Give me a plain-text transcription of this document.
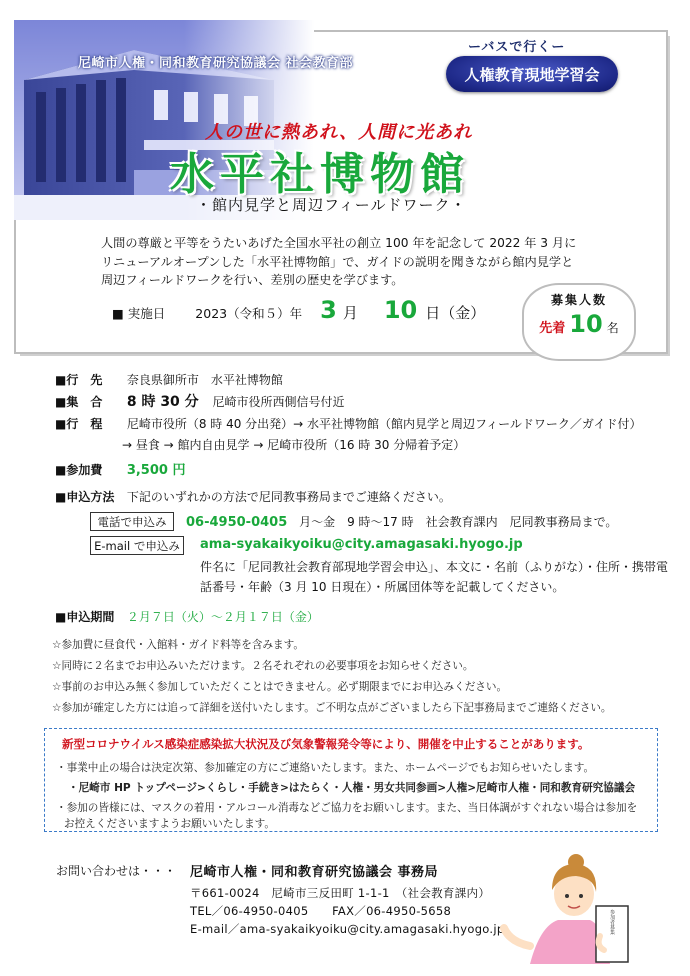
尼崎市人権・同和教育研究協議会 社会教育部
ーバスで行くー
人権教育現地学習会
人の世に熱あれ、人間に光あれ
水平社博物館
・館内見学と周辺フィールドワーク・
人間の尊厳と平等をうたいあげた全国水平社の創立 100 年を記念して 2022 年 3 月に
リニューアルオープンした「水平社博物館」で、ガイドの説明を聞きながら館内見学と
周辺フィールドワークを行い、差別の歴史を学びます。
■ 実施日 2023（令和５）年 3 月 10 日（金）
募集人数
先着 10 名
■行　先 奈良県御所市　水平社博物館
■集　合 8 時 30 分 尼崎市役所西側信号付近
■行　程 尼崎市役所（8 時 40 分出発）→ 水平社博物館（館内見学と周辺フィールドワーク／ガイド付）
→ 昼食 → 館内自由見学 → 尼崎市役所（16 時 30 分帰着予定）
■参加費 3,500 円
■申込方法 下記のいずれかの方法で尼同教事務局までご連絡ください。
電話で申込み	06-4950-0405 月～金　9 時～17 時　社会教育課内　尼同教事務局まで。
E-mail で申込み	ama-syakaikyoiku@city.amagasaki.hyogo.jp
件名に「尼同教社会教育部現地学習会申込」、本文に・名前（ふりがな）・住所・携帯電
話番号・年齢（3 月 10 日現在）・所属団体等を記載してください。
■申込期間 ２月７日（火）～２月１７日（金）
☆参加費に昼食代・入館料・ガイド料等を含みます。
☆同時に２名までお申込みいただけます。２名それぞれの必要事項をお知らせください。
☆事前のお申込み無く参加していただくことはできません。必ず期限までにお申込みください。
☆参加が確定した方には追って詳細を送付いたします。ご不明な点がございましたら下記事務局までご連絡ください。
新型コロナウイルス感染症感染拡大状況及び気象警報発令等により、開催を中止することがあります。
・事業中止の場合は決定次第、参加確定の方にご連絡いたします。また、ホームページでもお知らせいたします。
・尼崎市 HP トップページ>くらし・手続き>はたらく・人権・男女共同参画>人権>尼崎市人権・同和教育研究協議会
・参加の皆様には、マスクの着用・アルコール消毒などご協力をお願いします。また、当日体調がすぐれない場合は参加を
お控えくださいますようお願いいたします。
お問い合わせは・・・ 尼崎市人権・同和教育研究協議会 事務局
〒661-0024　尼崎市三反田町 1-1-1　（社会教育課内）
TEL／06-4950-0405　　FAX／06-4950-5658
E-mail／ama-syakaikyoiku@city.amagasaki.hyogo.jp	参加者募集
